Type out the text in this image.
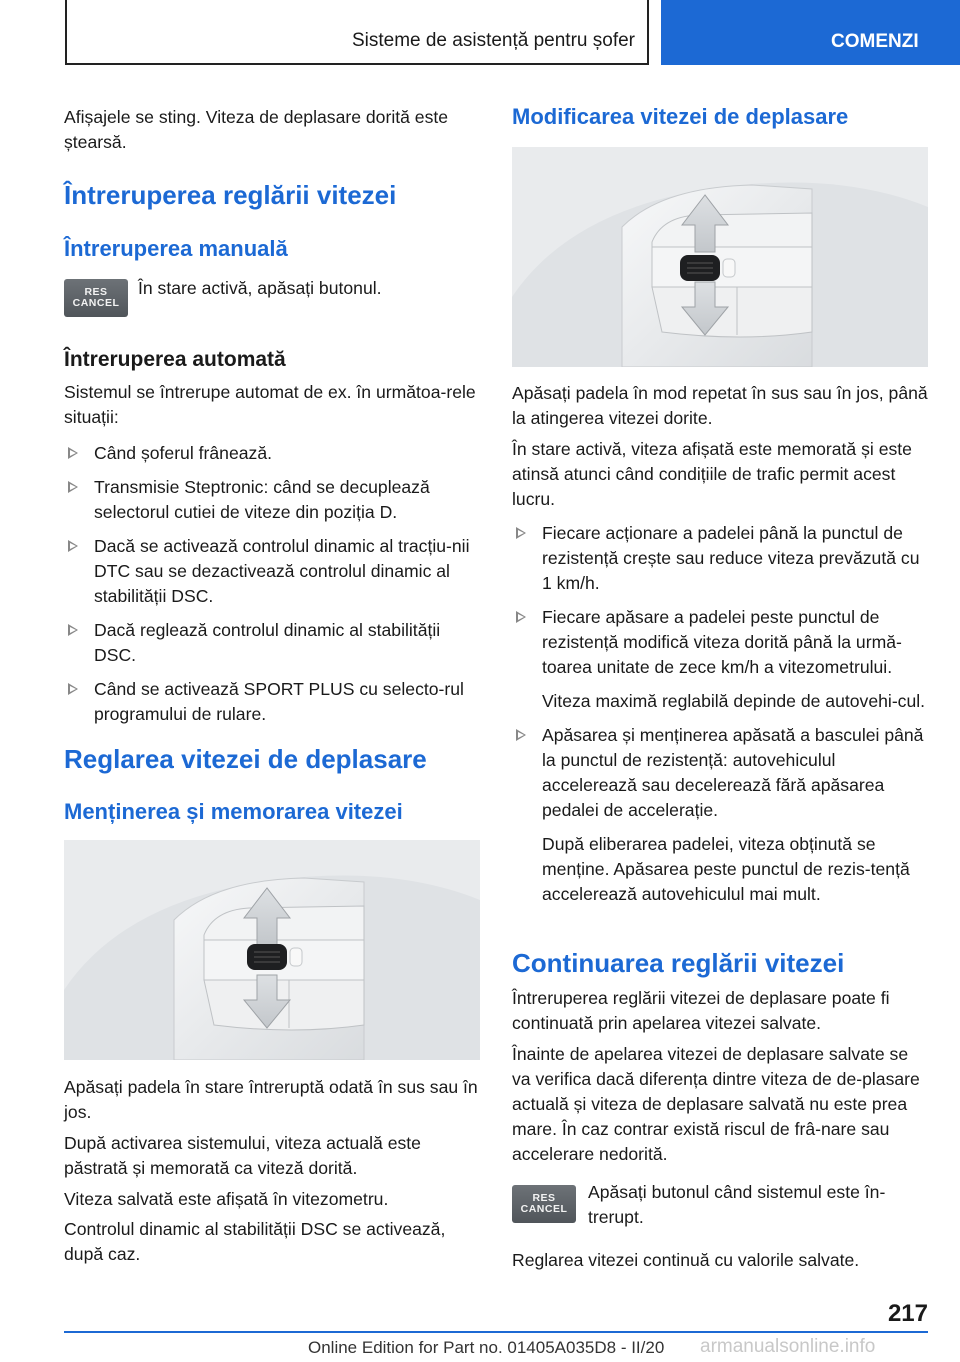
Sisteme de asistență pentru șofer	COMENZI

Afișajele se sting. Viteza de deplasare dorită este ștearsă.

Întreruperea reglării vitezei
Întreruperea manuală
RES
CANCEL

În stare activă, apăsați butonul.

Întreruperea automată

Sistemul se întrerupe automat de ex. în următoa-rele situații:

Când șoferul frânează.
Transmisie Steptronic: când se decuplează selectorul cutiei de viteze din poziția D.
Dacă se activează controlul dinamic al tracțiu-nii DTC sau se dezactivează controlul dinamic al stabilității DSC.
Dacă reglează controlul dinamic al stabilității DSC.
Când se activează SPORT PLUS cu selecto-rul programului de rulare.
Reglarea vitezei de deplasare
Menținerea și memorarea vitezei

Apăsați padela în stare întreruptă odată în sus sau în jos.

După activarea sistemului, viteza actuală este păstrată și memorată ca viteză dorită.

Viteza salvată este afișată în vitezometru.

Controlul dinamic al stabilității DSC se activează, după caz.

Modificarea vitezei de deplasare

Apăsați padela în mod repetat în sus sau în jos, până la atingerea vitezei dorite.

În stare activă, viteza afișată este memorată și este atinsă atunci când condițiile de trafic permit acest lucru.

Fiecare acționare a padelei până la punctul de rezistență crește sau reduce viteza prevăzută cu 1 km/h.
Fiecare apăsare a padelei peste punctul de rezistență modifică viteza dorită până la urmă-toarea unitate de zece km/h a vitezometrului.
Viteza maximă reglabilă depinde de autovehi-cul.
Apăsarea și menținerea apăsată a basculei până la punctul de rezistență: autovehiculul accelerează sau decelerează fără apăsarea pedalei de accelerație.
După eliberarea padelei, viteza obținută se menține. Apăsarea peste punctul de rezis-tență accelerează autovehiculul mai mult.
Continuarea reglării vitezei

Întreruperea reglării vitezei de deplasare poate fi continuată prin apelarea vitezei salvate.

Înainte de apelarea vitezei de deplasare salvate se va verifica dacă diferența dintre viteza de de-plasare actuală și viteza de deplasare salvată nu este prea mare. În caz contrar există riscul de frâ-nare sau accelerare nedorită.

RES
CANCEL

Apăsați butonul când sistemul este în-trerupt.

Reglarea vitezei continuă cu valorile salvate.

217
Online Edition for Part no. 01405A035D8 - II/20 armanualsonline.info
